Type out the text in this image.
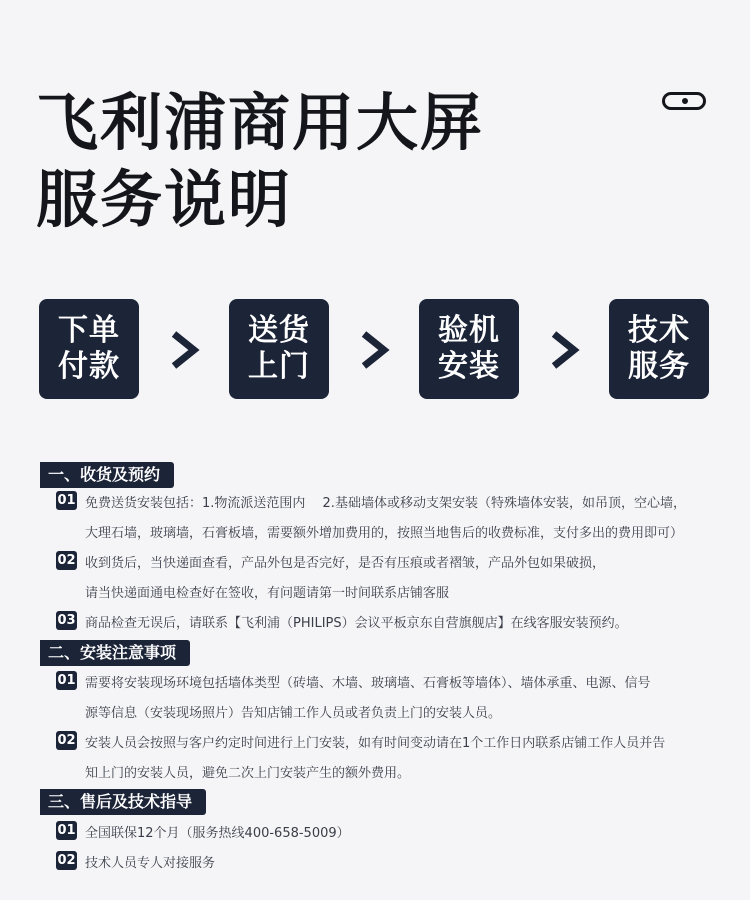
飞利浦商用大屏
服务说明
下单
付款
送货
上门
验机
安装
技术
服务
一、收货及预约
01 免费送货安装包括：1.物流派送范围内　 2.基础墙体或移动支架安装（特殊墙体安装，如吊顶，空心墙，
大理石墙，玻璃墙，石膏板墙，需要额外增加费用的，按照当地售后的收费标准，支付多出的费用即可）
02 收到货后，当快递面查看，产品外包是否完好，是否有压痕或者褶皱，产品外包如果破损，
请当快递面通电检查好在签收，有问题请第一时间联系店铺客服
03 商品检查无误后，请联系【飞利浦（PHILIPS）会议平板京东自营旗舰店】在线客服安装预约。
二、安装注意事项
01 需要将安装现场环境包括墙体类型（砖墙、木墙、玻璃墙、石膏板等墙体）、墙体承重、电源、信号
源等信息（安装现场照片）告知店铺工作人员或者负责上门的安装人员。
02 安装人员会按照与客户约定时间进行上门安装，如有时间变动请在1个工作日内联系店铺工作人员并告
知上门的安装人员，避免二次上门安装产生的额外费用。
三、售后及技术指导
01 全国联保12个月（服务热线400-658-5009）
02 技术人员专人对接服务
